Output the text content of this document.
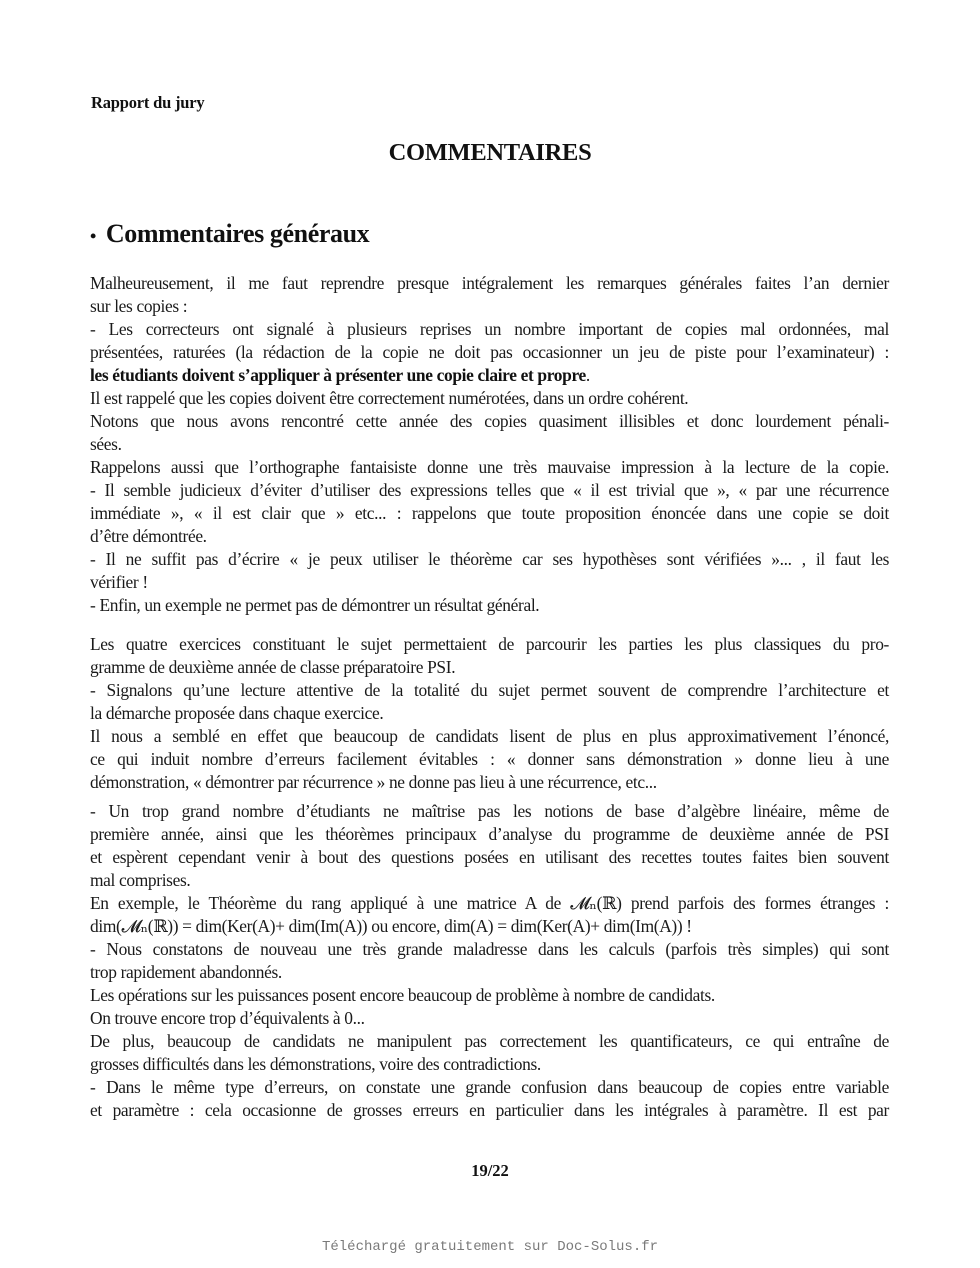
Rapport du jury
COMMENTAIRES
• Commentaires généraux
Malheureusement, il me faut reprendre presque intégralement les remarques générales faites l’an dernier
sur les copies :
- Les correcteurs ont signalé à plusieurs reprises un nombre important de copies mal ordonnées, mal
présentées, raturées (la rédaction de la copie ne doit pas occasionner un jeu de piste pour l’examinateur) :
les étudiants doivent s’appliquer à présenter une copie claire et propre.
Il est rappelé que les copies doivent être correctement numérotées, dans un ordre cohérent.
Notons que nous avons rencontré cette année des copies quasiment illisibles et donc lourdement pénali-
sées.
Rappelons aussi que l’orthographe fantaisiste donne une très mauvaise impression à la lecture de la copie.
- Il semble judicieux d’éviter d’utiliser des expressions telles que « il est trivial que », « par une récurrence
immédiate », « il est clair que » etc... : rappelons que toute proposition énoncée dans une copie se doit
d’être démontrée.
- Il ne suffit pas d’écrire « je peux utiliser le théorème car ses hypothèses sont vérifiées »... , il faut les
vérifier !
- Enfin, un exemple ne permet pas de démontrer un résultat général.
Les quatre exercices constituant le sujet permettaient de parcourir les parties les plus classiques du pro-
gramme de deuxième année de classe préparatoire PSI.
- Signalons qu’une lecture attentive de la totalité du sujet permet souvent de comprendre l’architecture et
la démarche proposée dans chaque exercice.
Il nous a semblé en effet que beaucoup de candidats lisent de plus en plus approximativement l’énoncé,
ce qui induit nombre d’erreurs facilement évitables : « donner sans démonstration » donne lieu à une
démonstration, « démontrer par récurrence » ne donne pas lieu à une récurrence, etc...
- Un trop grand nombre d’étudiants ne maîtrise pas les notions de base d’algèbre linéaire, même de
première année, ainsi que les théorèmes principaux d’analyse du programme de deuxième année de PSI
et espèrent cependant venir à bout des questions posées en utilisant des recettes toutes faites bien souvent
mal comprises.
En exemple, le Théorème du rang appliqué à une matrice A de 𝓜ₙ(ℝ) prend parfois des formes étranges :
dim(𝓜ₙ(ℝ)) = dim(Ker(A)+ dim(Im(A)) ou encore, dim(A) = dim(Ker(A)+ dim(Im(A)) !
- Nous constatons de nouveau une très grande maladresse dans les calculs (parfois très simples) qui sont
trop rapidement abandonnés.
Les opérations sur les puissances posent encore beaucoup de problème à nombre de candidats.
On trouve encore trop d’équivalents à 0...
De plus, beaucoup de candidats ne manipulent pas correctement les quantificateurs, ce qui entraîne de
grosses difficultés dans les démonstrations, voire des contradictions.
- Dans le même type d’erreurs, on constate une grande confusion dans beaucoup de copies entre variable
et paramètre : cela occasionne de grosses erreurs en particulier dans les intégrales à paramètre. Il est par
19/22
Téléchargé gratuitement sur Doc-Solus.fr
